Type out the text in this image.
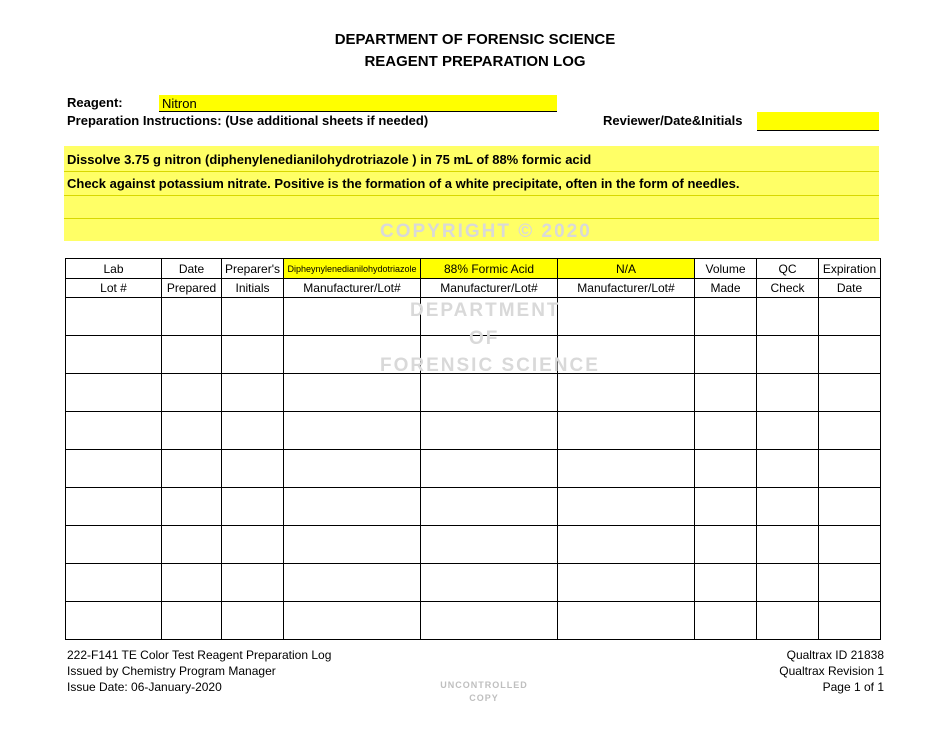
DEPARTMENT OF FORENSIC SCIENCE
REAGENT PREPARATION LOG
Reagent:	Nitron
Preparation Instructions: (Use additional sheets if needed)	Reviewer/Date&Initials
Dissolve 3.75 g nitron (diphenylenedianilohydrotriazole ) in 75 mL of 88% formic acid
Check against potassium nitrate. Positive is the formation of a white precipitate, often in the form of needles.
COPYRIGHT © 2020
Lab	Date	Preparer's	Dipheynylenedianilohydotriazole	88% Formic Acid	N/A	Volume	QC	Expiration
Lot #	Prepared	Initials	Manufacturer/Lot#	Manufacturer/Lot#	Manufacturer/Lot#	Made	Check	Date

DEPARTMENT
OF
FORENSIC SCIENCE
222-F141 TE Color Test Reagent Preparation Log
Issued by Chemistry Program Manager
Issue Date: 06-January-2020
Qualtrax ID 21838
Qualtrax Revision 1
Page 1 of 1
UNCONTROLLED
COPY
